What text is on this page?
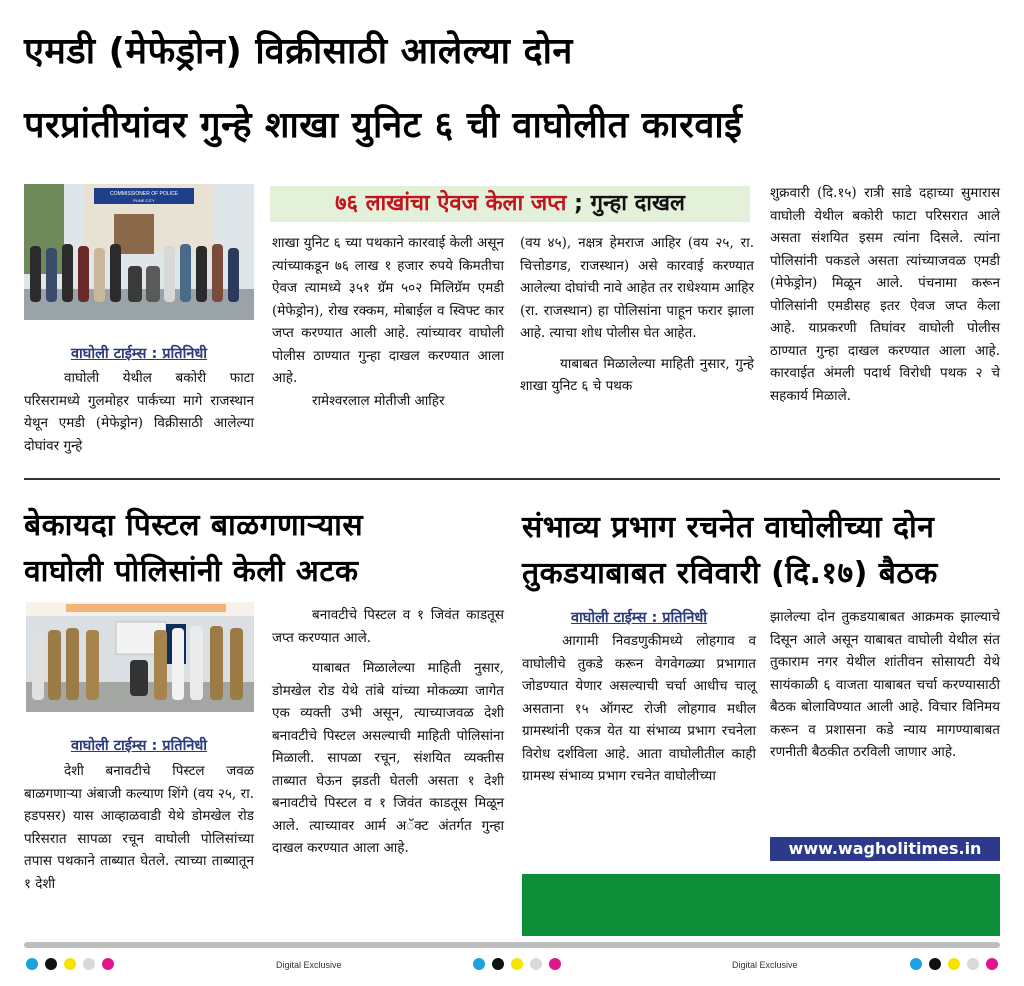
एमडी (मेफेड्रोन) विक्रीसाठी आलेल्या दोन
परप्रांतीयांवर गुन्हे शाखा युनिट ६ ची वाघोलीत कारवाई
COMMISSIONER OF POLICE
PUNE CITY	७६ लाखांचा ऐवज केला जप्त ; गुन्हा दाखल
वाघोली टाईम्स : प्रतिनिधी

वाघोली येथील बकोरी फाटा परिसरामध्ये गुलमोहर पार्कच्या मागे राजस्थान येथून एमडी (मेफेड्रोन) विक्रीसाठी आलेल्या दोघांवर गुन्हे

शाखा युनिट ६ च्या पथकाने कारवाई केली असून त्यांच्याकडून ७६ लाख १ हजार रुपये किमतीचा ऐवज त्यामध्ये ३५१ ग्रॅम ५०२ मिलिग्रॅम एमडी (मेफेड्रोन), रोख रक्कम, मोबाईल व स्विफ्ट कार जप्त करण्यात आली आहे. त्यांच्यावर वाघोली पोलीस ठाण्यात गुन्हा दाखल करण्यात आला आहे.

रामेश्वरलाल मोतीजी आहिर

(वय ४५), नक्षत्र हेमराज आहिर (वय २५, रा. चित्तोडगड, राजस्थान) असे कारवाई करण्यात आलेल्या दोघांची नावे आहेत तर राधेश्याम आहिर (रा. राजस्थान) हा पोलिसांना पाहून फरार झाला आहे. त्याचा शोध पोलीस घेत आहेत.

याबाबत मिळालेल्या माहिती नुसार, गुन्हे शाखा युनिट ६ चे पथक

शुक्रवारी (दि.१५) रात्री साडे दहाच्या सुमारास वाघोली येथील बकोरी फाटा परिसरात आले असता संशयित इसम त्यांना दिसले. त्यांना पोलिसांनी पकडले असता त्यांच्याजवळ एमडी (मेफेड्रोन) मिळून आले. पंचनामा करून पोलिसांनी एमडीसह इतर ऐवज जप्त केला आहे. याप्रकरणी तिघांवर वाघोली पोलीस ठाण्यात गुन्हा दाखल करण्यात आला आहे. कारवाईत अंमली पदार्थ विरोधी पथक २ चे सहकार्य मिळाले.

बेकायदा पिस्टल बाळगणाऱ्यास
वाघोली पोलिसांनी केली अटक
वाघोली टाईम्स : प्रतिनिधी

देशी बनावटीचे पिस्टल जवळ बाळगणाऱ्या अंबाजी कल्याण शिंगे (वय २५, रा. हडपसर) यास आव्हाळवाडी येथे डोमखेल रोड परिसरात सापळा रचून वाघोली पोलिसांच्या तपास पथकाने ताब्यात घेतले. त्याच्या ताब्यातून १ देशी

बनावटीचे पिस्टल व १ जिवंत काडतूस जप्त करण्यात आले.

याबाबत मिळालेल्या माहिती नुसार, डोमखेल रोड येथे तांबे यांच्या मोकळ्या जागेत एक व्यक्ती उभी असून, त्याच्याजवळ देशी बनावटीचे पिस्टल असल्याची माहिती पोलिसांना मिळाली. सापळा रचून, संशयित व्यक्तीस ताब्यात घेऊन झडती घेतली असता १ देशी बनावटीचे पिस्टल व १ जिवंत काडतूस मिळून आले. त्याच्यावर आर्म अॅक्ट अंतर्गत गुन्हा दाखल करण्यात आला आहे.

संभाव्य प्रभाग रचनेत वाघोलीच्या दोन
तुकडयाबाबत रविवारी (दि.१७) बैठक
वाघोली टाईम्स : प्रतिनिधी

आगामी निवडणुकीमध्ये लोहगाव व वाघोलीचे तुकडे करून वेगवेगळ्या प्रभागात जोडण्यात येणार असल्याची चर्चा आधीच चालू असताना १५ ऑगस्ट रोजी लोहगाव मधील ग्रामस्थांनी एकत्र येत या संभाव्य प्रभाग रचनेला विरोध दर्शविला आहे. आता वाघोलीतील काही ग्रामस्थ संभाव्य प्रभाग रचनेत वाघोलीच्या

झालेल्या दोन तुकडयाबाबत आक्रमक झाल्याचे दिसून आले असून याबाबत वाघोली येथील संत तुकाराम नगर येथील शांतीवन सोसायटी येथे सायंकाळी ६ वाजता याबाबत चर्चा करण्यासाठी बैठक बोलाविण्यात आली आहे. विचार विनिमय करून व प्रशासना कडे न्याय मागण्याबाबत रणनीती बैठकीत ठरविली जाणार आहे.

www.wagholitimes.in
Digital Exclusive	Digital Exclusive
